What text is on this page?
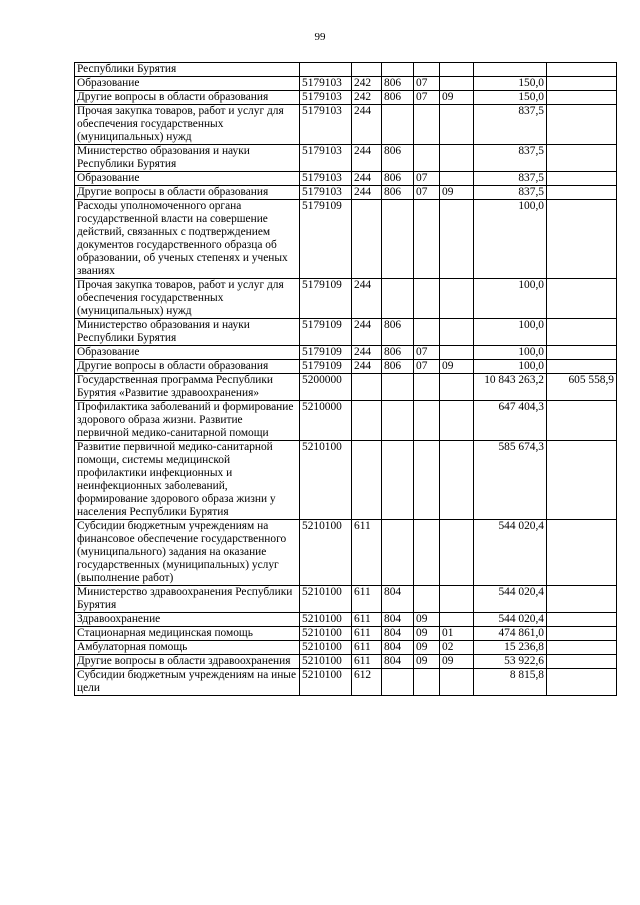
99
Республики Бурятия							
Образование	5179103	242	806	07		150,0	
Другие вопросы в области образования	5179103	242	806	07	09	150,0	
Прочая закупка товаров, работ и услуг для обеспечения государственных (муниципальных) нужд	5179103	244				837,5	
Министерство образования и науки Республики Бурятия	5179103	244	806			837,5	
Образование	5179103	244	806	07		837,5	
Другие вопросы в области образования	5179103	244	806	07	09	837,5	
Расходы уполномоченного органа государственной власти на совершение действий, связанных с подтверждением документов государственного образца об образовании, об ученых степенях и ученых званиях	5179109					100,0	
Прочая закупка товаров, работ и услуг для обеспечения государственных (муниципальных) нужд	5179109	244				100,0	
Министерство образования и науки Республики Бурятия	5179109	244	806			100,0	
Образование	5179109	244	806	07		100,0	
Другие вопросы в области образования	5179109	244	806	07	09	100,0	
Государственная программа Республики Бурятия «Развитие здравоохранения»	5200000					10 843 263,2	605 558,9
Профилактика заболеваний и формирование здорового образа жизни. Развитие первичной медико-санитарной помощи	5210000					647 404,3	
Развитие первичной медико-санитарной помощи, системы медицинской профилактики инфекционных и неинфекционных заболеваний, формирование здорового образа жизни у населения Республики Бурятия	5210100					585 674,3	
Субсидии бюджетным учреждениям на финансовое обеспечение государственного (муниципального) задания на оказание государственных (муниципальных) услуг (выполнение работ)	5210100	611				544 020,4	
Министерство здравоохранения Республики Бурятия	5210100	611	804			544 020,4	
Здравоохранение	5210100	611	804	09		544 020,4	
Стационарная медицинская помощь	5210100	611	804	09	01	474 861,0	
Амбулаторная помощь	5210100	611	804	09	02	15 236,8	
Другие вопросы в области здравоохранения	5210100	611	804	09	09	53 922,6	
Субсидии бюджетным учреждениям на иные цели	5210100	612				8 815,8	
